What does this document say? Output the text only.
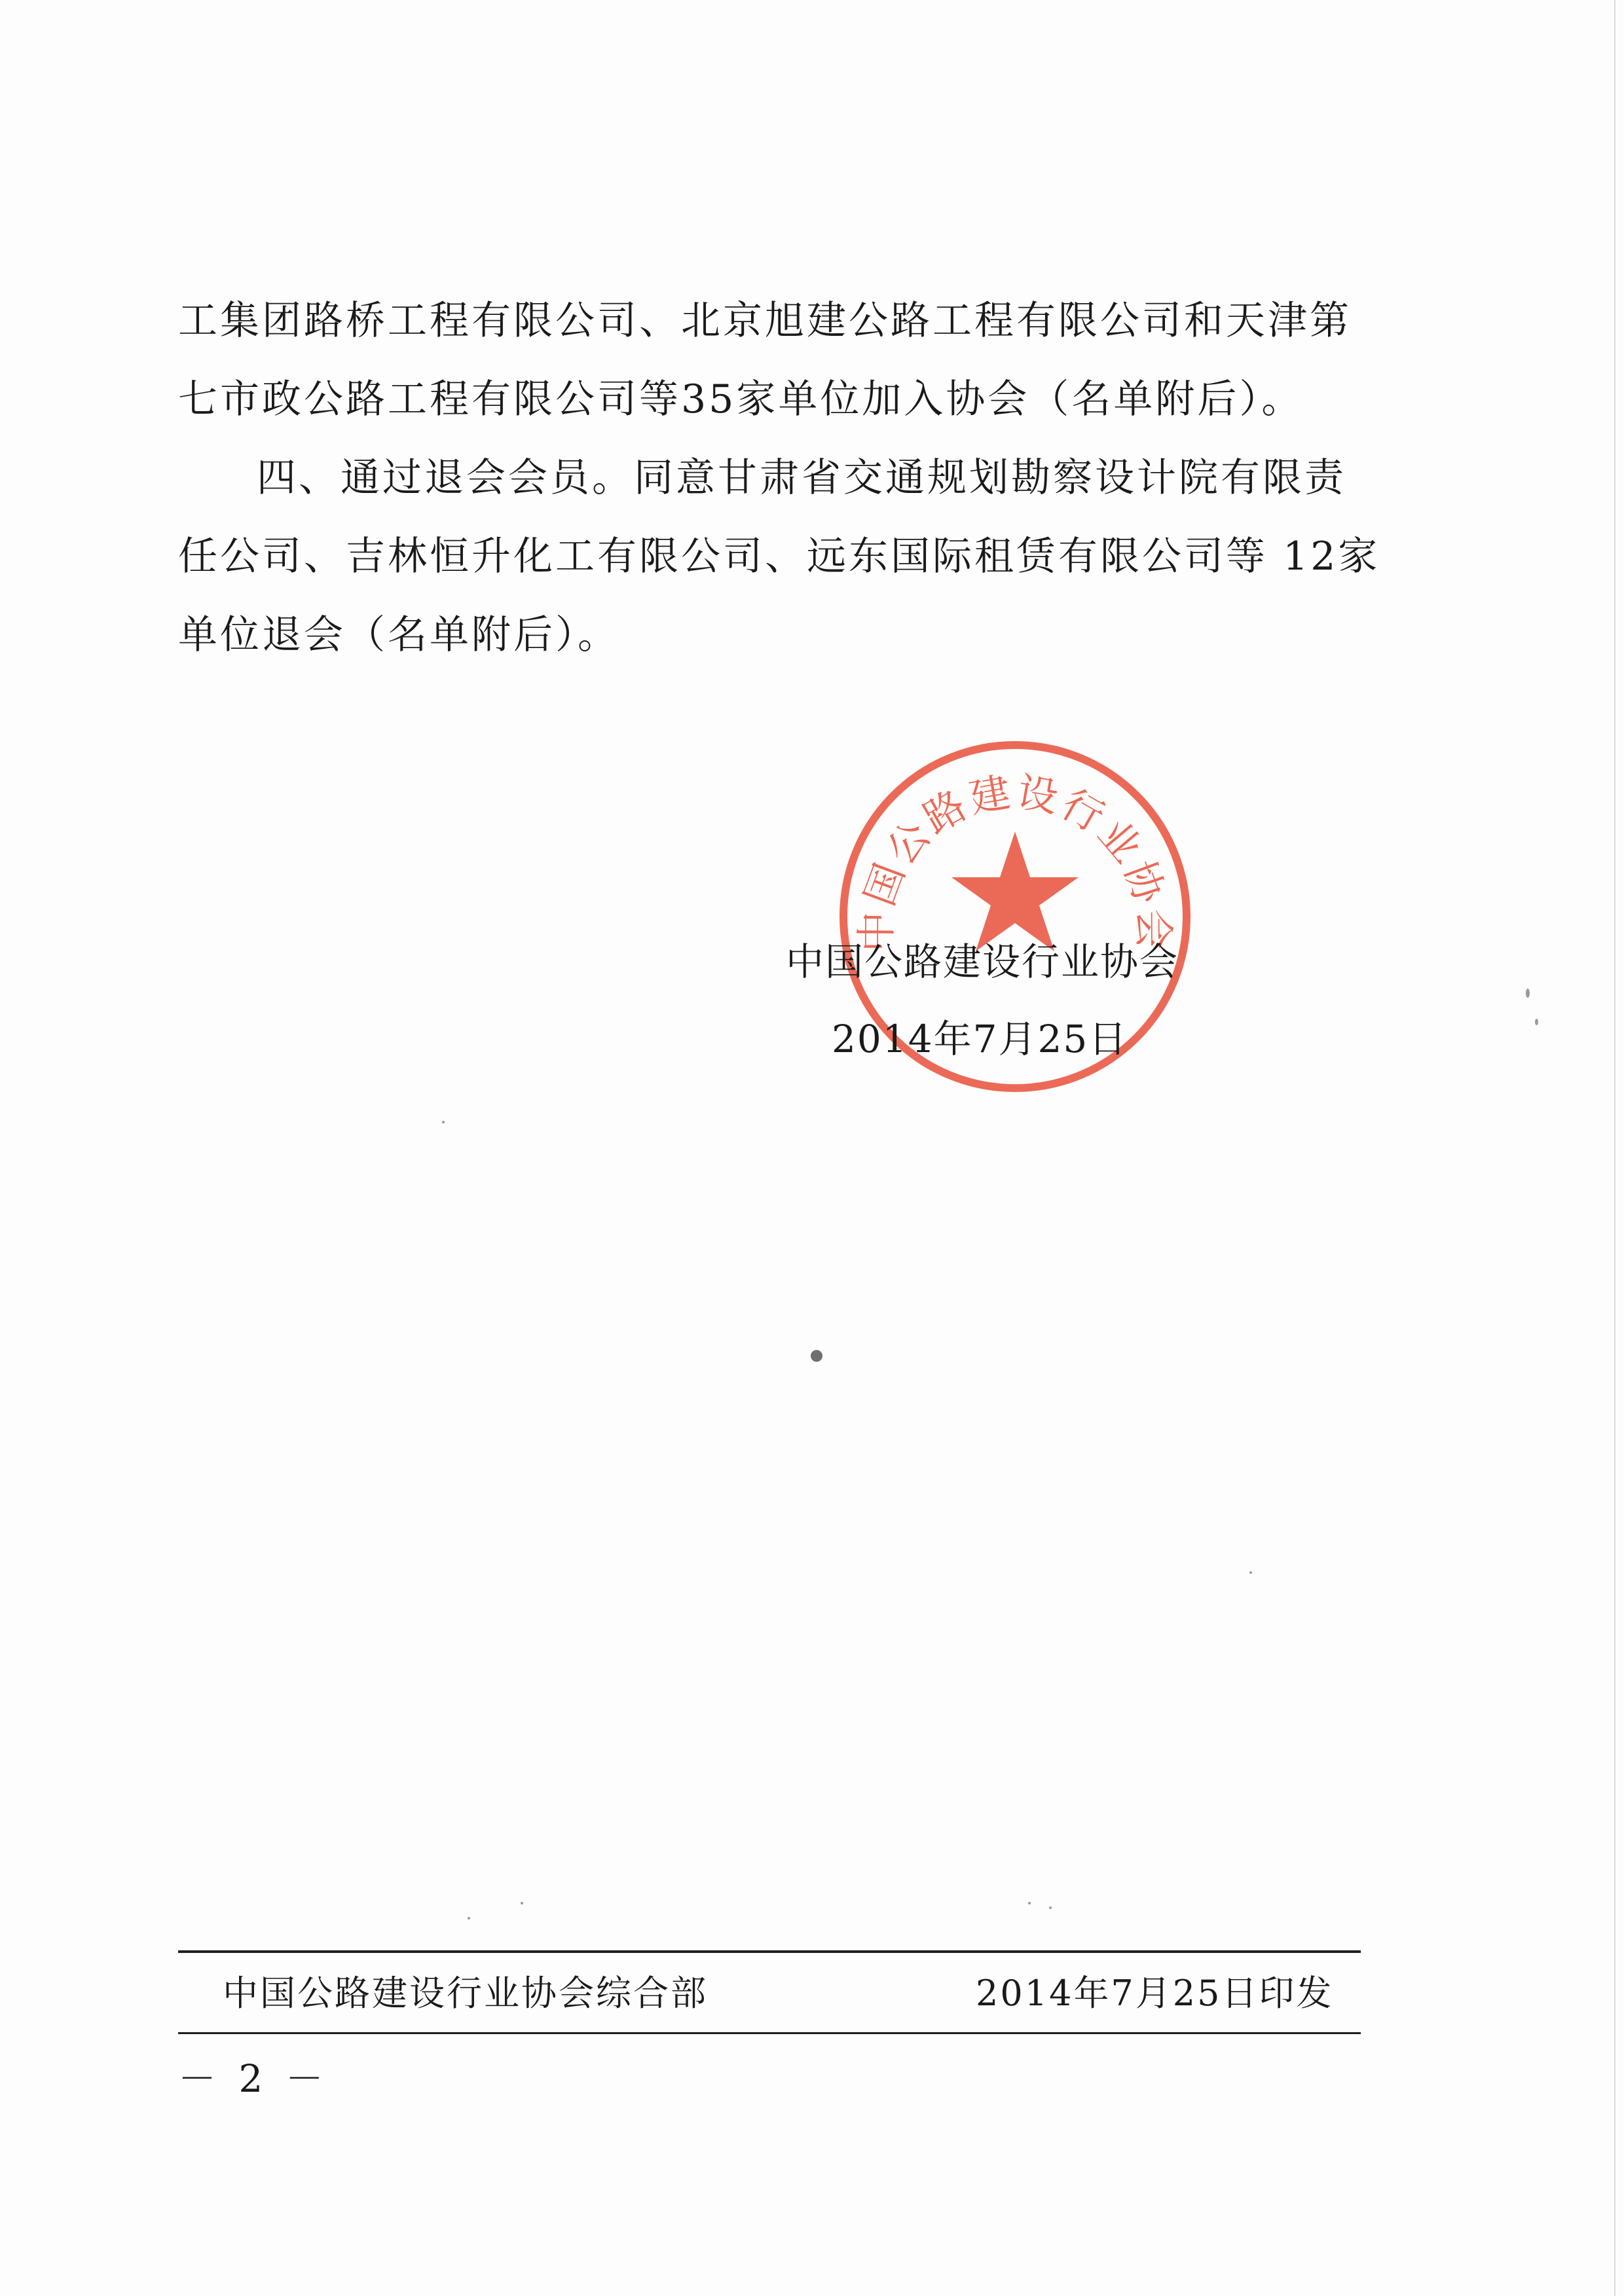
工集团路桥工程有限公司、北京旭建公路工程有限公司和天津第七市政公路工程有限公司等35家单位加入协会（名单附后）。

四、通过退会会员。同意甘肃省交通规划勘察设计院有限责任公司、吉林恒升化工有限公司、远东国际租赁有限公司等 12家单位退会（名单附后）。

中国公路建设行业协会
中国公路建设行业协会
2014年7月25日
中国公路建设行业协会综合部	2014年7月25日印发
－ 2 －
